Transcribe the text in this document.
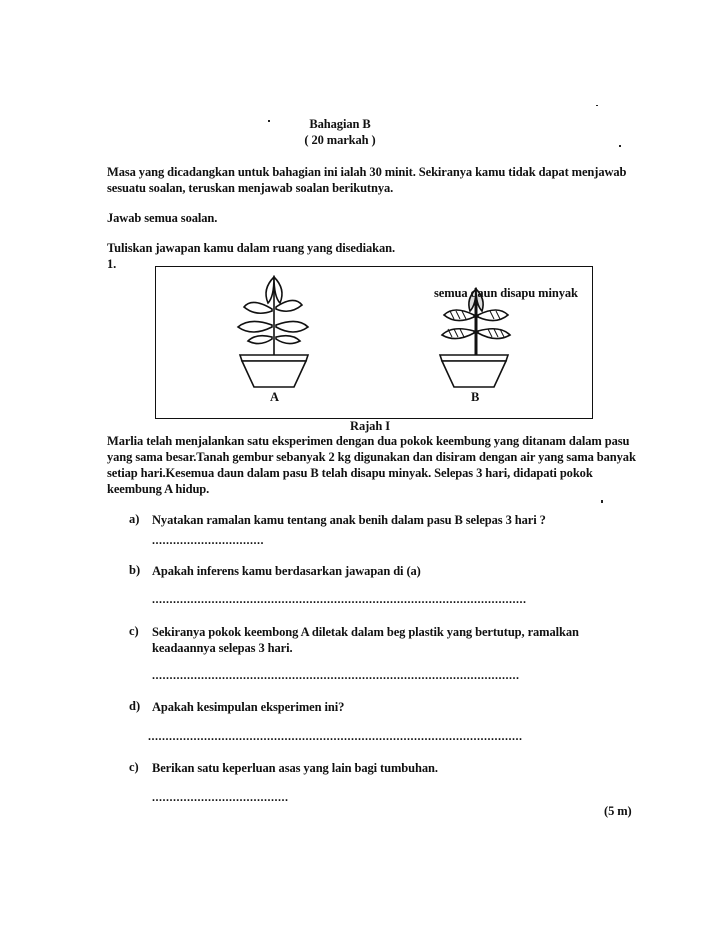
Bahagian B
( 20 markah )
Masa yang dicadangkan untuk bahagian ini ialah 30 minit. Sekiranya kamu tidak dapat menjawab sesuatu soalan, teruskan menjawab soalan berikutnya.
Jawab semua soalan.
Tuliskan jawapan kamu dalam ruang yang disediakan.
1.
semua daun disapu minyak
A	B
Rajah I
Marlia telah menjalankan satu eksperimen dengan dua pokok keembung yang ditanam dalam pasu yang sama besar.Tanah gembur sebanyak 2 kg digunakan dan disiram dengan air yang sama banyak setiap hari.Kesemua daun dalam pasu B telah disapu minyak. Selepas 3 hari, didapati pokok keembung A hidup.
a) Nyatakan ramalan kamu tentang anak benih dalam pasu B selepas 3 hari ?
................................
b) Apakah inferens kamu berdasarkan jawapan di (a)
...........................................................................................................
c) Sekiranya pokok keembong A diletak dalam beg plastik yang bertutup, ramalkan keadaannya selepas 3 hari.
.........................................................................................................
d) Apakah kesimpulan eksperimen ini?
...........................................................................................................
c) Berikan satu keperluan asas yang lain bagi tumbuhan.
.......................................
(5 m)
